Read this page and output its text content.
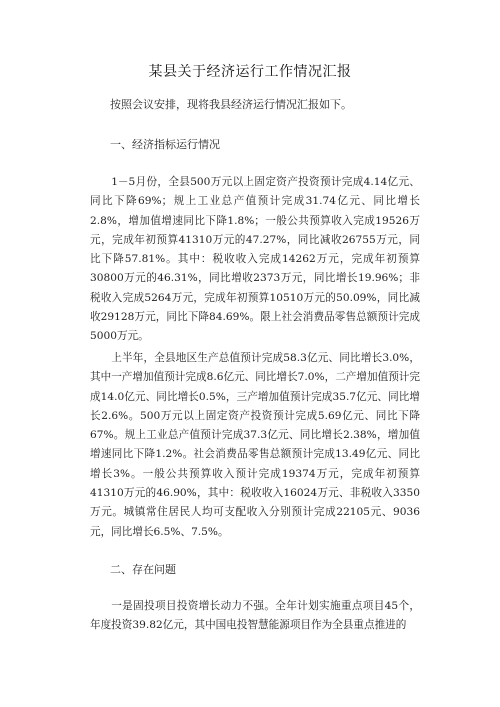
某县关于经济运行工作情况汇报
按照会议安排，现将我县经济运行情况汇报如下。
一、经济指标运行情况

1－5月份，全县500万元以上固定资产投资预计完成4.14亿元、同比下降69%；规上工业总产值预计完成31.74亿元、同比增长2.8%，增加值增速同比下降1.8%；一般公共预算收入完成19526万元，完成年初预算41310万元的47.27%，同比减收26755万元，同比下降57.81%。其中：税收收入完成14262万元，完成年初预算30800万元的46.31%，同比增收2373万元，同比增长19.96%；非税收入完成5264万元，完成年初预算10510万元的50.09%，同比减收29128万元，同比下降84.69%。限上社会消费品零售总额预计完成5000万元。

上半年，全县地区生产总值预计完成58.3亿元、同比增长3.0%，其中一产增加值预计完成8.6亿元、同比增长7.0%，二产增加值预计完成14.0亿元、同比增长0.5%，三产增加值预计完成35.7亿元、同比增长2.6%。500万元以上固定资产投资预计完成5.69亿元、同比下降67%。规上工业总产值预计完成37.3亿元、同比增长2.38%，增加值增速同比下降1.2%。社会消费品零售总额预计完成13.49亿元、同比增长3%。一般公共预算收入预计完成19374万元，完成年初预算41310万元的46.90%，其中：税收收入16024万元、非税收入3350万元。城镇常住居民人均可支配收入分别预计完成22105元、9036元，同比增长6.5%、7.5%。

二、存在问题

一是固投项目投资增长动力不强。全年计划实施重点项目45个，年度投资39.82亿元，其中国电投智慧能源项目作为全县重点推进的
